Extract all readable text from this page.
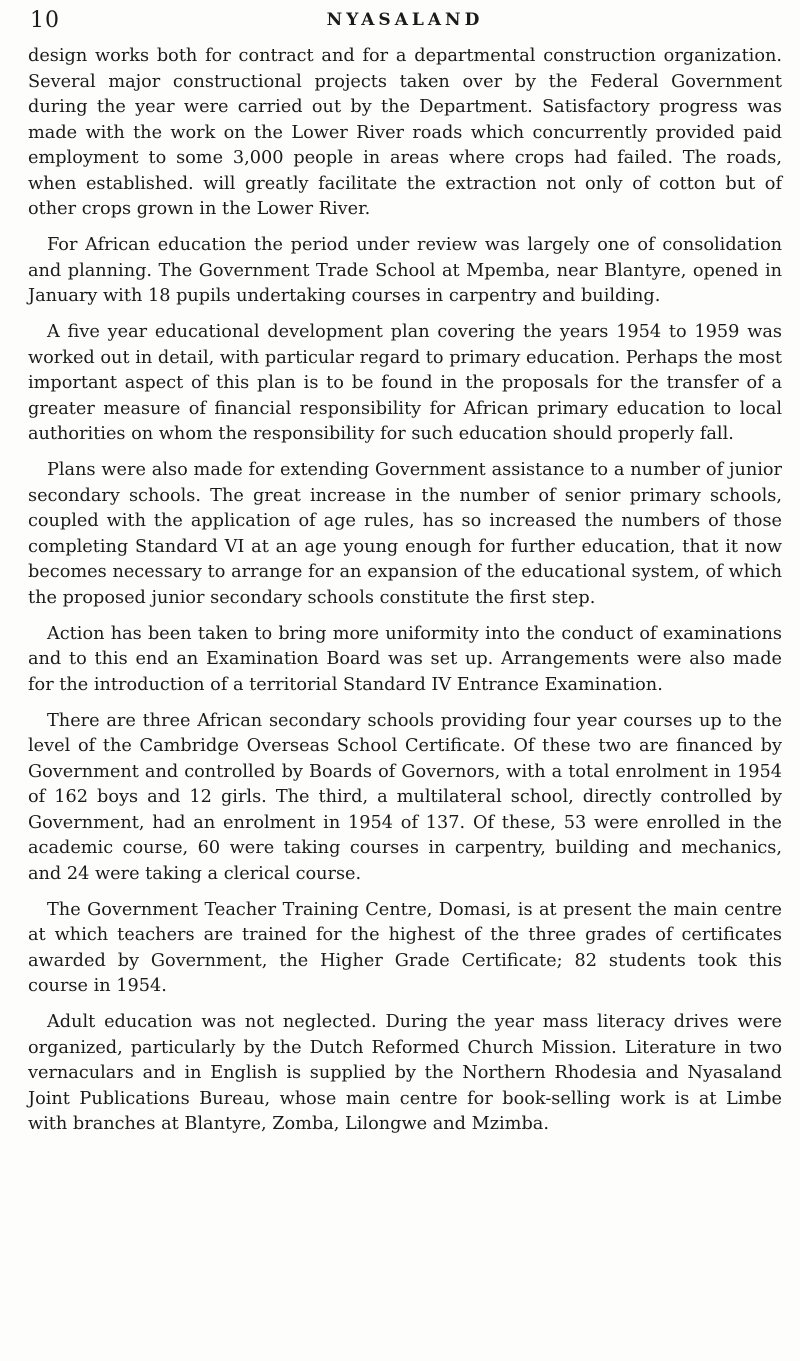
10	NYASALAND

design works both for contract and for a departmental construction organization. Several major constructional projects taken over by the Federal Government during the year were carried out by the Department. Satisfactory progress was made with the work on the Lower River roads which concurrently provided paid employment to some 3,000 people in areas where crops had failed. The roads, when established. will greatly facilitate the extraction not only of cotton but of other crops grown in the Lower River.

For African education the period under review was largely one of consolidation and planning. The Government Trade School at Mpemba, near Blantyre, opened in January with 18 pupils undertaking courses in carpentry and building.

A five year educational development plan covering the years 1954 to 1959 was worked out in detail, with particular regard to primary education. Perhaps the most important aspect of this plan is to be found in the proposals for the transfer of a greater measure of financial responsibility for African primary education to local authorities on whom the responsibility for such education should properly fall.

Plans were also made for extending Government assistance to a number of junior secondary schools. The great increase in the number of senior primary schools, coupled with the application of age rules, has so increased the numbers of those completing Standard VI at an age young enough for further education, that it now becomes necessary to arrange for an expansion of the educational system, of which the proposed junior secondary schools constitute the first step.

Action has been taken to bring more uniformity into the conduct of examinations and to this end an Examination Board was set up. Arrangements were also made for the introduction of a territorial Standard IV Entrance Examination.

There are three African secondary schools providing four year courses up to the level of the Cambridge Overseas School Certificate. Of these two are financed by Government and controlled by Boards of Governors, with a total enrolment in 1954 of 162 boys and 12 girls. The third, a multilateral school, directly controlled by Government, had an enrolment in 1954 of 137. Of these, 53 were enrolled in the academic course, 60 were taking courses in carpentry, building and mechanics, and 24 were taking a clerical course.

The Government Teacher Training Centre, Domasi, is at present the main centre at which teachers are trained for the highest of the three grades of certificates awarded by Government, the Higher Grade Certificate; 82 students took this course in 1954.

Adult education was not neglected. During the year mass literacy drives were organized, particularly by the Dutch Reformed Church Mission. Literature in two vernaculars and in English is supplied by the Northern Rhodesia and Nyasaland Joint Publications Bureau, whose main centre for book-selling work is at Limbe with branches at Blantyre, Zomba, Lilongwe and Mzimba.
